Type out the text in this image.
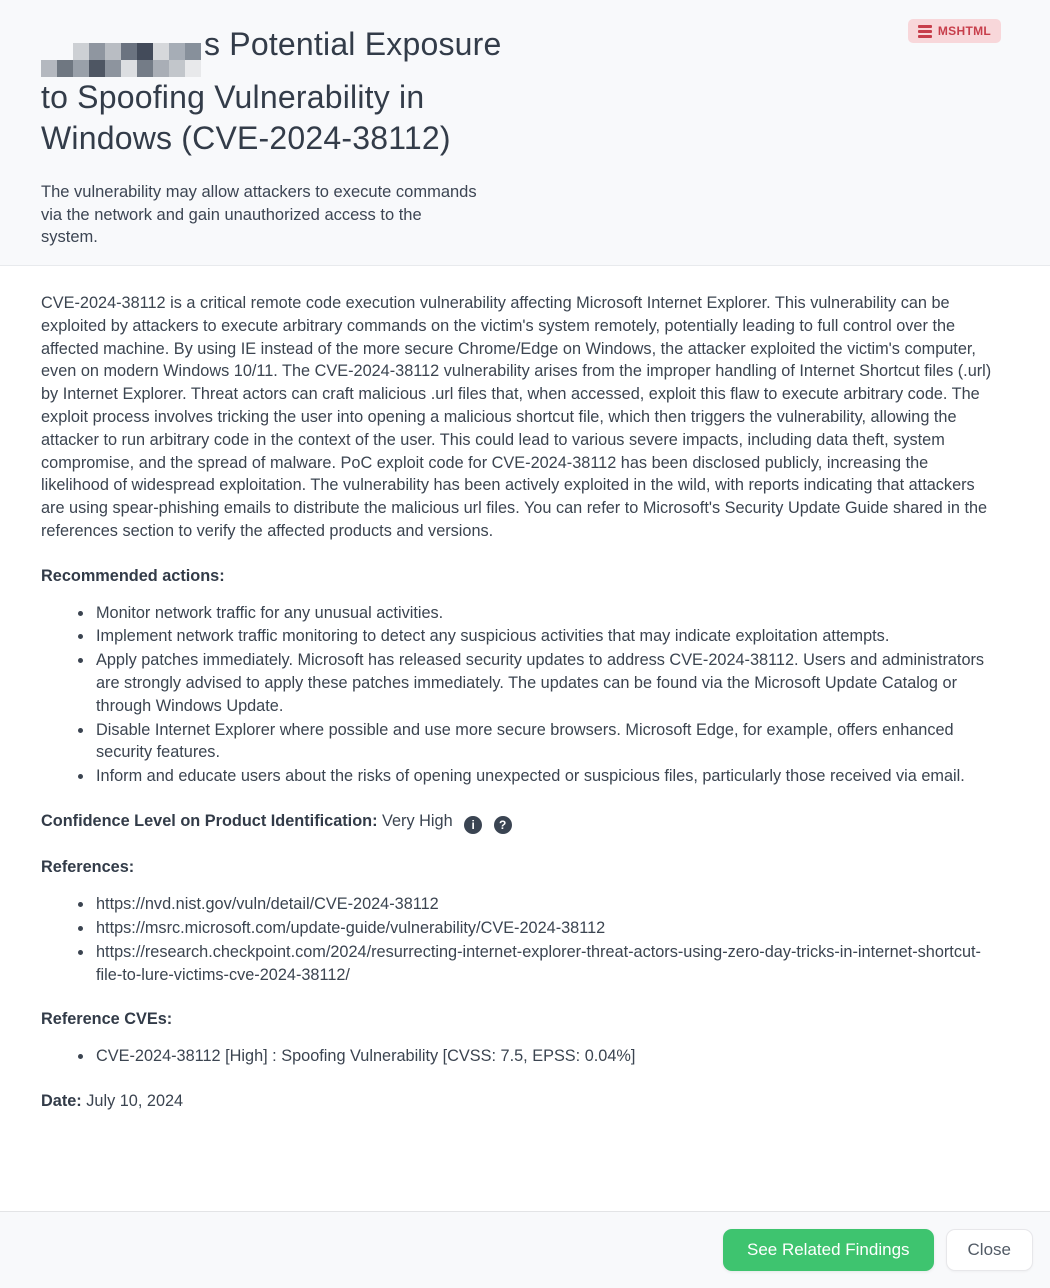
MSHTML
s Potential Exposure to Spoofing Vulnerability in Windows (CVE-2024-38112)

The vulnerability may allow attackers to execute commands via the network and gain unauthorized access to the system.

CVE-2024-38112 is a critical remote code execution vulnerability affecting Microsoft Internet Explorer. This vulnerability can be exploited by attackers to execute arbitrary commands on the victim's system remotely, potentially leading to full control over the affected machine. By using IE instead of the more secure Chrome/Edge on Windows, the attacker exploited the victim's computer, even on modern Windows 10/11. The CVE-2024-38112 vulnerability arises from the improper handling of Internet Shortcut files (.url) by Internet Explorer. Threat actors can craft malicious .url files that, when accessed, exploit this flaw to execute arbitrary code. The exploit process involves tricking the user into opening a malicious shortcut file, which then triggers the vulnerability, allowing the attacker to run arbitrary code in the context of the user. This could lead to various severe impacts, including data theft, system compromise, and the spread of malware. PoC exploit code for CVE-2024-38112 has been disclosed publicly, increasing the likelihood of widespread exploitation. The vulnerability has been actively exploited in the wild, with reports indicating that attackers are using spear-phishing emails to distribute the malicious url files. You can refer to Microsoft's Security Update Guide shared in the references section to verify the affected products and versions.

Recommended actions:

• Monitor network traffic for any unusual activities.
• Implement network traffic monitoring to detect any suspicious activities that may indicate exploitation attempts.
• Apply patches immediately. Microsoft has released security updates to address CVE-2024-38112. Users and administrators are strongly advised to apply these patches immediately. The updates can be found via the Microsoft Update Catalog or through Windows Update.
• Disable Internet Explorer where possible and use more secure browsers. Microsoft Edge, for example, offers enhanced security features.
• Inform and educate users about the risks of opening unexpected or suspicious files, particularly those received via email.

Confidence Level on Product Identification: Very High i ?

References:

• https://nvd.nist.gov/vuln/detail/CVE-2024-38112
• https://msrc.microsoft.com/update-guide/vulnerability/CVE-2024-38112
• https://research.checkpoint.com/2024/resurrecting-internet-explorer-threat-actors-using-zero-day-tricks-in-internet-shortcut-file-to-lure-victims-cve-2024-38112/

Reference CVEs:

• CVE-2024-38112 [High] : Spoofing Vulnerability [CVSS: 7.5, EPSS: 0.04%]

Date: July 10, 2024

See Related Findings	Close
